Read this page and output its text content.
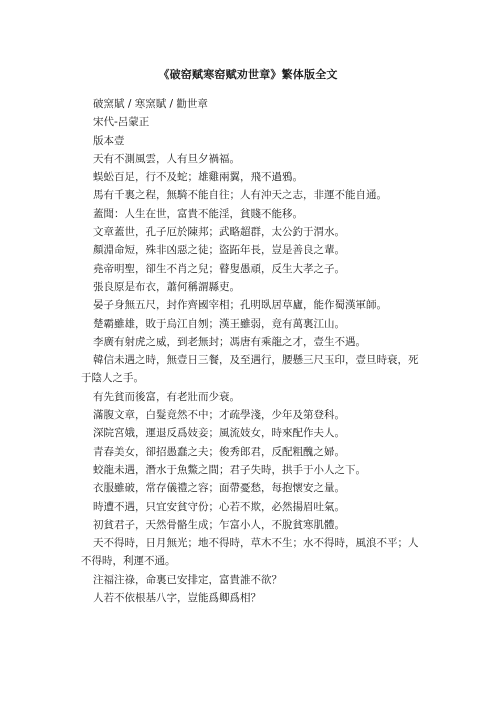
《破窑赋寒窑赋劝世章》繁体版全文
破窯賦 / 寒窯賦 / 勸世章
宋代-呂蒙正
版本壹
天有不測風雲，人有旦夕禍福。
蜈蚣百足，行不及蛇；雄雞兩翼，飛不過鴉。
馬有千裏之程，無騎不能自往；人有沖天之志，非運不能自通。
蓋聞：人生在世，富貴不能淫，貧賤不能移。
文章蓋世，孔子厄於陳邦；武略超群，太公釣于渭水。
顏淵命短，殊非凶惡之徒；盜跖年長，豈是善良之輩。
堯帝明聖，卻生不肖之兒；瞽叟愚頑，反生大孝之子。
張良原是布衣，蕭何稱謂縣吏。
晏子身無五尺，封作齊國宰相；孔明臥居草廬，能作蜀漢軍師。
楚霸雖雄，敗于烏江自刎；漢王雖弱，竟有萬裏江山。
李廣有射虎之威，到老無封；馮唐有乘龍之才，壹生不遇。
韓信未遇之時，無壹日三餐，及至遇行，腰懸三尺玉印，壹旦時衰，死于陰人之手。
有先貧而後富，有老壯而少衰。
滿腹文章，白髮竟然不中；才疏學淺，少年及第登科。
深院宮娥，運退反爲妓妾；風流妓女，時來配作夫人。
青春美女，卻招愚蠢之夫；俊秀郎君，反配粗醜之婦。
蛟龍未遇，潛水于魚鱉之間；君子失時，拱手于小人之下。
衣服雖破，常存儀禮之容；面帶憂愁，每抱懷安之量。
時遭不遇，只宜安貧守份；心若不欺，必然揚眉吐氣。
初貧君子，天然骨骼生成；乍富小人，不脫貧寒肌體。
天不得時，日月無光；地不得時，草木不生；水不得時，風浪不平；人不得時，利運不通。
注福注祿，命裏已安排定，富貴誰不欲？
人若不依根基八字，豈能爲卿爲相？
